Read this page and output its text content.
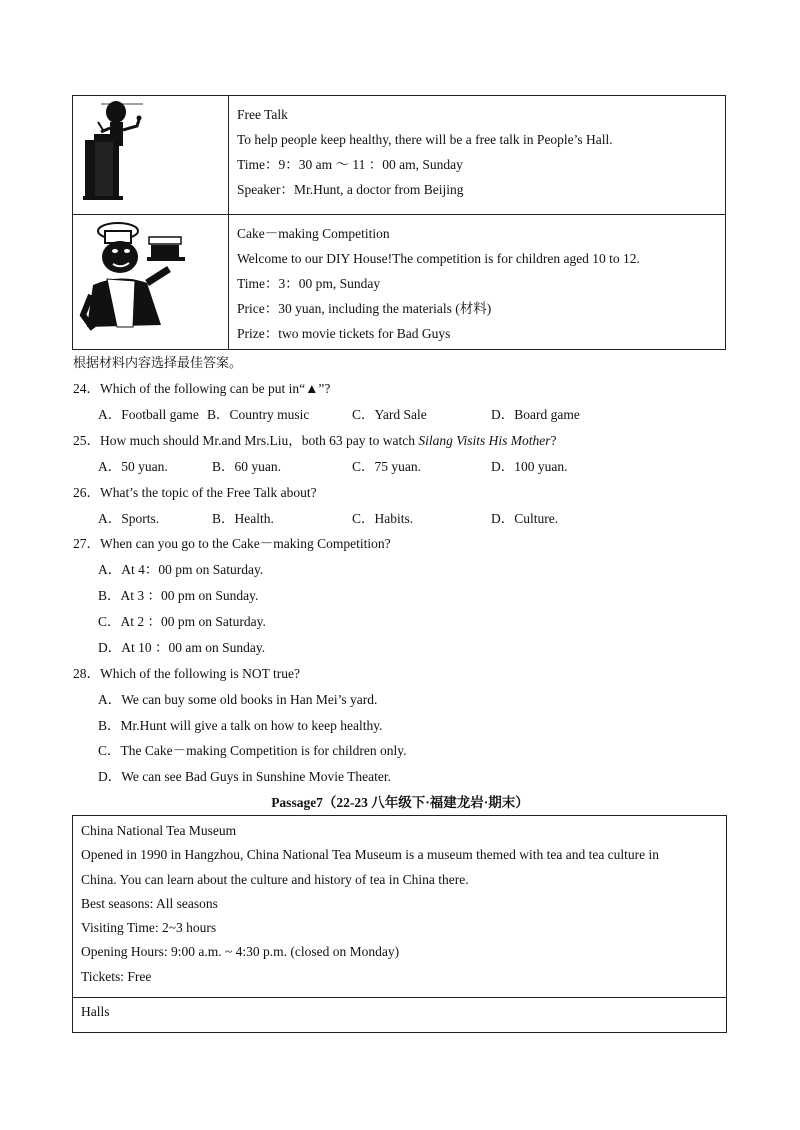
Free Talk
To help people keep healthy, there will be a free talk in People’s Hall.
Time：9：30 am ～ 11 ：00 am, Sunday
Speaker：Mr.Hunt, a doctor from Beijing
Cake－making Competition
Welcome to our DIY House!The competition is for children aged 10 to 12.
Time：3：00 pm, Sunday
Price：30 yuan, including the materials (材料)
Prize：two movie tickets for Bad Guys
根据材料内容选择最佳答案。
24．Which of the following can be put in“▲”?
A．Football game B．Country music	C．Yard Sale	D．Board game
25．How much should Mr.and Mrs.Liu，both 63 pay to watch Silang Visits His Mother?
A．50 yuan.	B．60 yuan.	C．75 yuan.	D．100 yuan.
26．What’s the topic of the Free Talk about?
A．Sports.	B．Health.	C．Habits.	D．Culture.
27．When can you go to the Cake－making Competition?
A．At 4：00 pm on Saturday.
B．At 3 ：00 pm on Sunday.
C．At 2 ：00 pm on Saturday.
D．At 10 ：00 am on Sunday.
28．Which of the following is NOT true?
A．We can buy some old books in Han Mei’s yard.
B．Mr.Hunt will give a talk on how to keep healthy.
C．The Cake－making Competition is for children only.
D．We can see Bad Guys in Sunshine Movie Theater.
Passage7（22-23 八年级下·福建龙岩·期末）
China National Tea Museum
Opened in 1990 in Hangzhou, China National Tea Museum is a museum themed with tea and tea culture in
China. You can learn about the culture and history of tea in China there.
Best seasons: All seasons
Visiting Time: 2~3 hours
Opening Hours: 9:00 a.m. ~ 4:30 p.m. (closed on Monday)
Tickets: Free
Halls
